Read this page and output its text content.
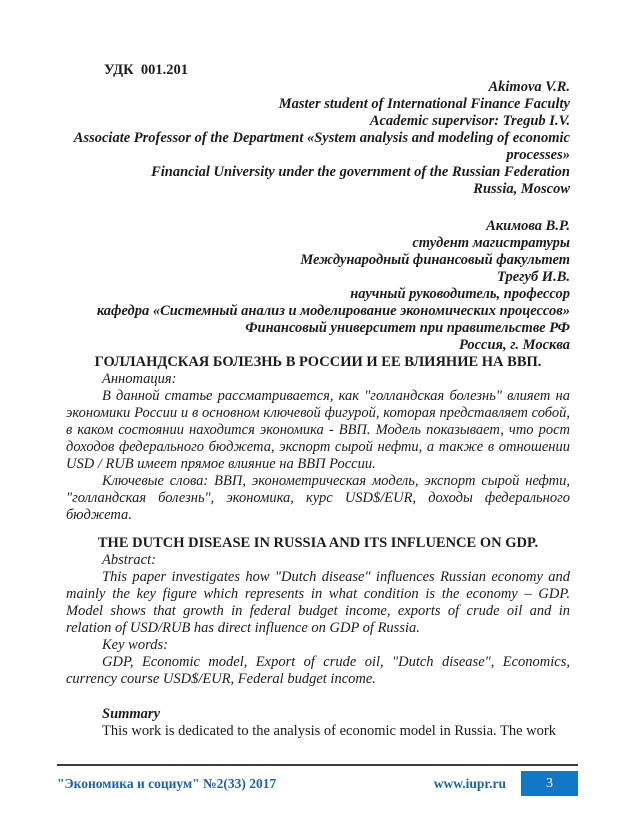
УДК  001.201

Akimova V.R.

Master student of International Finance Faculty

Academic supervisor: Tregub I.V.

Associate Professor of the Department «System analysis and modeling of economic processes»

Financial University under the government of the Russian Federation

Russia, Moscow

Акимова В.Р.

студент магистратуры

Международный финансовый факультет

Трегуб И.В.

научный руководитель, профессор

кафедра «Системный анализ и моделирование экономических процессов»

Финансовый университет при правительстве РФ

Россия, г. Москва

ГОЛЛАНДСКАЯ БОЛЕЗНЬ В РОССИИ И ЕЕ ВЛИЯНИЕ НА ВВП.

Аннотация:

В данной статье рассматривается, как "голландская болезнь" влияет на экономики России и в основном ключевой фигурой, которая представляет собой, в каком состоянии находится экономика - ВВП. Модель показывает, что рост доходов федерального бюджета, экспорт сырой нефти, а также в отношении USD / RUB имеет прямое влияние на ВВП России.

Ключевые слова: ВВП, эконометрическая модель, экспорт сырой нефти, "голландская болезнь", экономика, курс USD$/EUR, доходы федерального бюджета.

THE DUTCH DISEASE IN RUSSIA AND ITS INFLUENCE ON GDP.

Abstract:

This paper investigates how "Dutch disease" influences Russian economy and mainly the key figure which represents in what condition is the economy – GDP. Model shows that growth in federal budget income, exports of crude oil and in relation of USD/RUB has direct influence on GDP of Russia.

Key words:

GDP, Economic model, Export of crude oil, "Dutch disease", Economics, currency course USD$/EUR, Federal budget income.

Summary

This work is dedicated to the analysis of economic model in Russia. The work

"Экономика и социум" №2(33) 2017	www.iupr.ru	3
